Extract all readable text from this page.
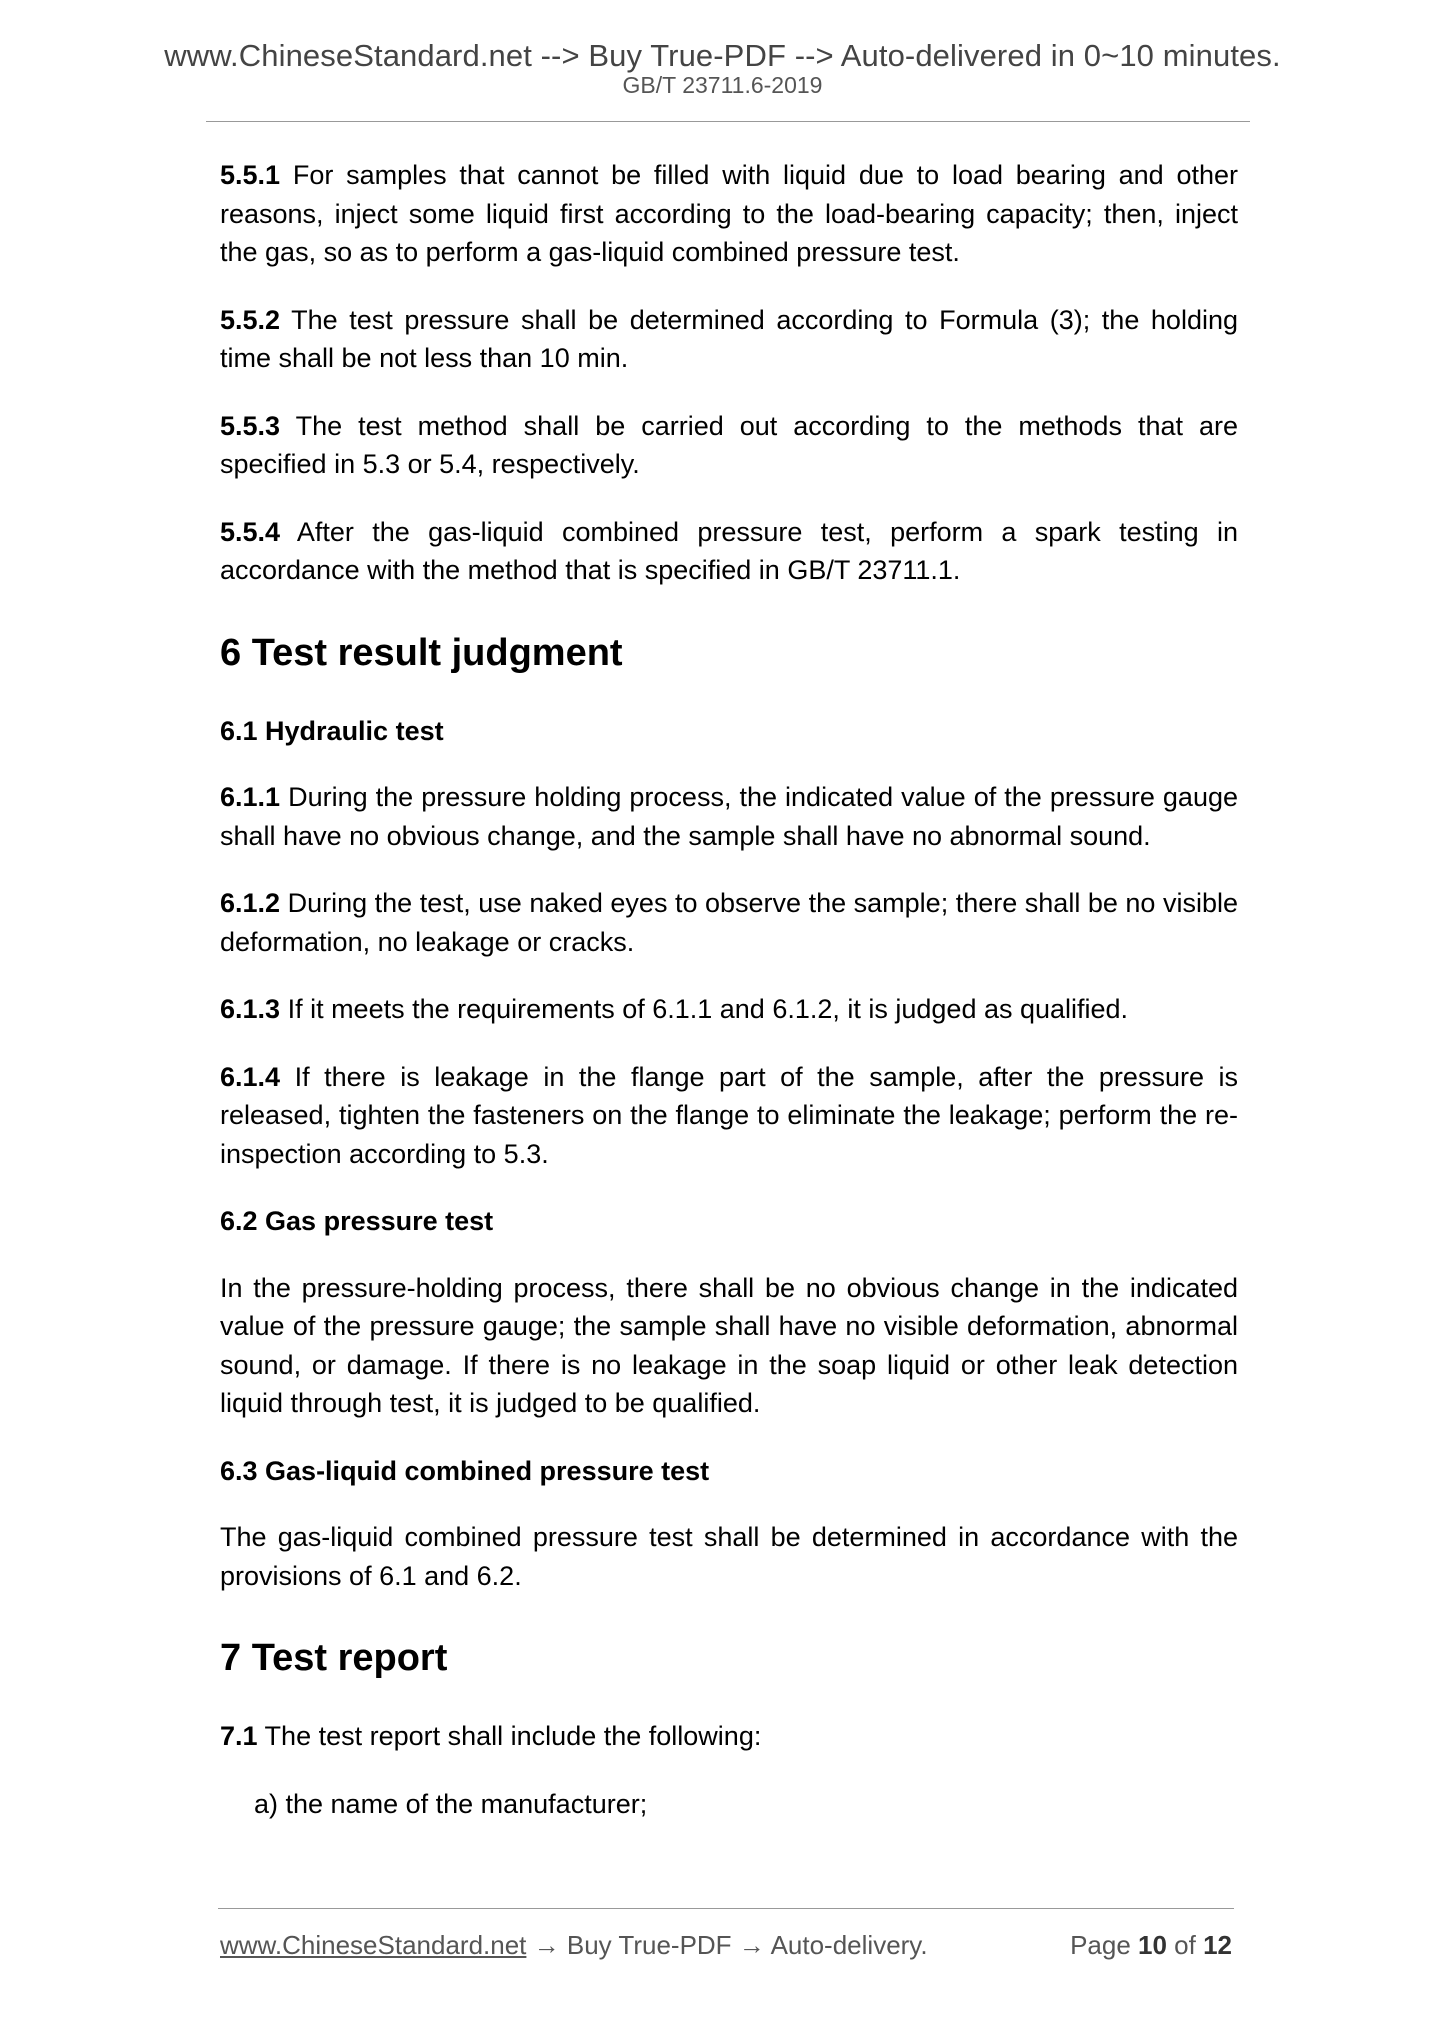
www.ChineseStandard.net --> Buy True-PDF --> Auto-delivered in 0~10 minutes.
GB/T 23711.6-2019

5.5.1 For samples that cannot be filled with liquid due to load bearing and other reasons, inject some liquid first according to the load-bearing capacity; then, inject the gas, so as to perform a gas-liquid combined pressure test.

5.5.2 The test pressure shall be determined according to Formula (3); the holding time shall be not less than 10 min.

5.5.3 The test method shall be carried out according to the methods that are specified in 5.3 or 5.4, respectively.

5.5.4 After the gas-liquid combined pressure test, perform a spark testing in accordance with the method that is specified in GB/T 23711.1.

6 Test result judgment
6.1 Hydraulic test

6.1.1 During the pressure holding process, the indicated value of the pressure gauge shall have no obvious change, and the sample shall have no abnormal sound.

6.1.2 During the test, use naked eyes to observe the sample; there shall be no visible deformation, no leakage or cracks.

6.1.3 If it meets the requirements of 6.1.1 and 6.1.2, it is judged as qualified.

6.1.4 If there is leakage in the flange part of the sample, after the pressure is released, tighten the fasteners on the flange to eliminate the leakage; perform the re-inspection according to 5.3.

6.2 Gas pressure test

In the pressure-holding process, there shall be no obvious change in the indicated value of the pressure gauge; the sample shall have no visible deformation, abnormal sound, or damage. If there is no leakage in the soap liquid or other leak detection liquid through test, it is judged to be qualified.

6.3 Gas-liquid combined pressure test

The gas-liquid combined pressure test shall be determined in accordance with the provisions of 6.1 and 6.2.

7 Test report

7.1 The test report shall include the following:

a) the name of the manufacturer;

www.ChineseStandard.net → Buy True-PDF → Auto-delivery.	Page 10 of 12
